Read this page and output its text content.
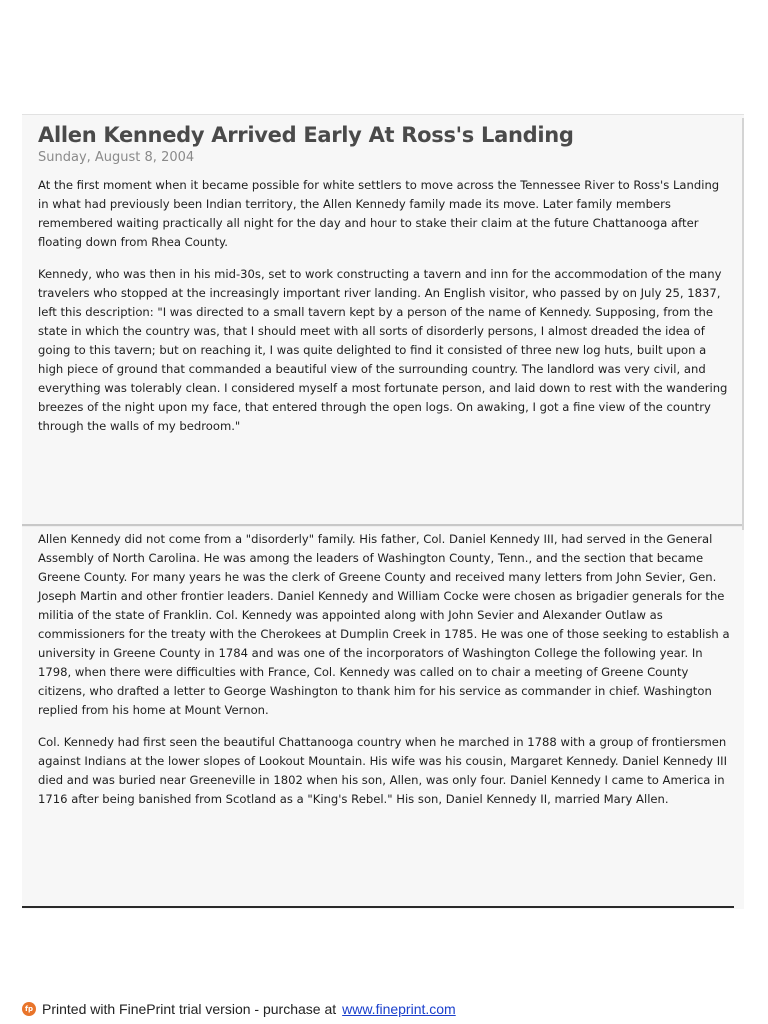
Allen Kennedy Arrived Early At Ross's Landing
Sunday, August 8, 2004

At the first moment when it became possible for white settlers to move across the Tennessee River to Ross's Landing in what had previously been Indian territory, the Allen Kennedy family made its move. Later family members remembered waiting practically all night for the day and hour to stake their claim at the future Chattanooga after floating down from Rhea County.

Kennedy, who was then in his mid-30s, set to work constructing a tavern and inn for the accommodation of the many travelers who stopped at the increasingly important river landing. An English visitor, who passed by on July 25, 1837, left this description: "I was directed to a small tavern kept by a person of the name of Kennedy. Supposing, from the state in which the country was, that I should meet with all sorts of disorderly persons, I almost dreaded the idea of going to this tavern; but on reaching it, I was quite delighted to find it consisted of three new log huts, built upon a high piece of ground that commanded a beautiful view of the surrounding country. The landlord was very civil, and everything was tolerably clean. I considered myself a most fortunate person, and laid down to rest with the wandering breezes of the night upon my face, that entered through the open logs. On awaking, I got a fine view of the country through the walls of my bedroom."

Allen Kennedy did not come from a "disorderly" family. His father, Col. Daniel Kennedy III, had served in the General Assembly of North Carolina. He was among the leaders of Washington County, Tenn., and the section that became Greene County. For many years he was the clerk of Greene County and received many letters from John Sevier, Gen. Joseph Martin and other frontier leaders. Daniel Kennedy and William Cocke were chosen as brigadier generals for the militia of the state of Franklin. Col. Kennedy was appointed along with John Sevier and Alexander Outlaw as commissioners for the treaty with the Cherokees at Dumplin Creek in 1785. He was one of those seeking to establish a university in Greene County in 1784 and was one of the incorporators of Washington College the following year. In 1798, when there were difficulties with France, Col. Kennedy was called on to chair a meeting of Greene County citizens, who drafted a letter to George Washington to thank him for his service as commander in chief. Washington replied from his home at Mount Vernon.

Col. Kennedy had first seen the beautiful Chattanooga country when he marched in 1788 with a group of frontiersmen against Indians at the lower slopes of Lookout Mountain. His wife was his cousin, Margaret Kennedy. Daniel Kennedy III died and was buried near Greeneville in 1802 when his son, Allen, was only four. Daniel Kennedy I came to America in 1716 after being banished from Scotland as a "King's Rebel." His son, Daniel Kennedy II, married Mary Allen.

fp Printed with FinePrint trial version - purchase at www.fineprint.com
